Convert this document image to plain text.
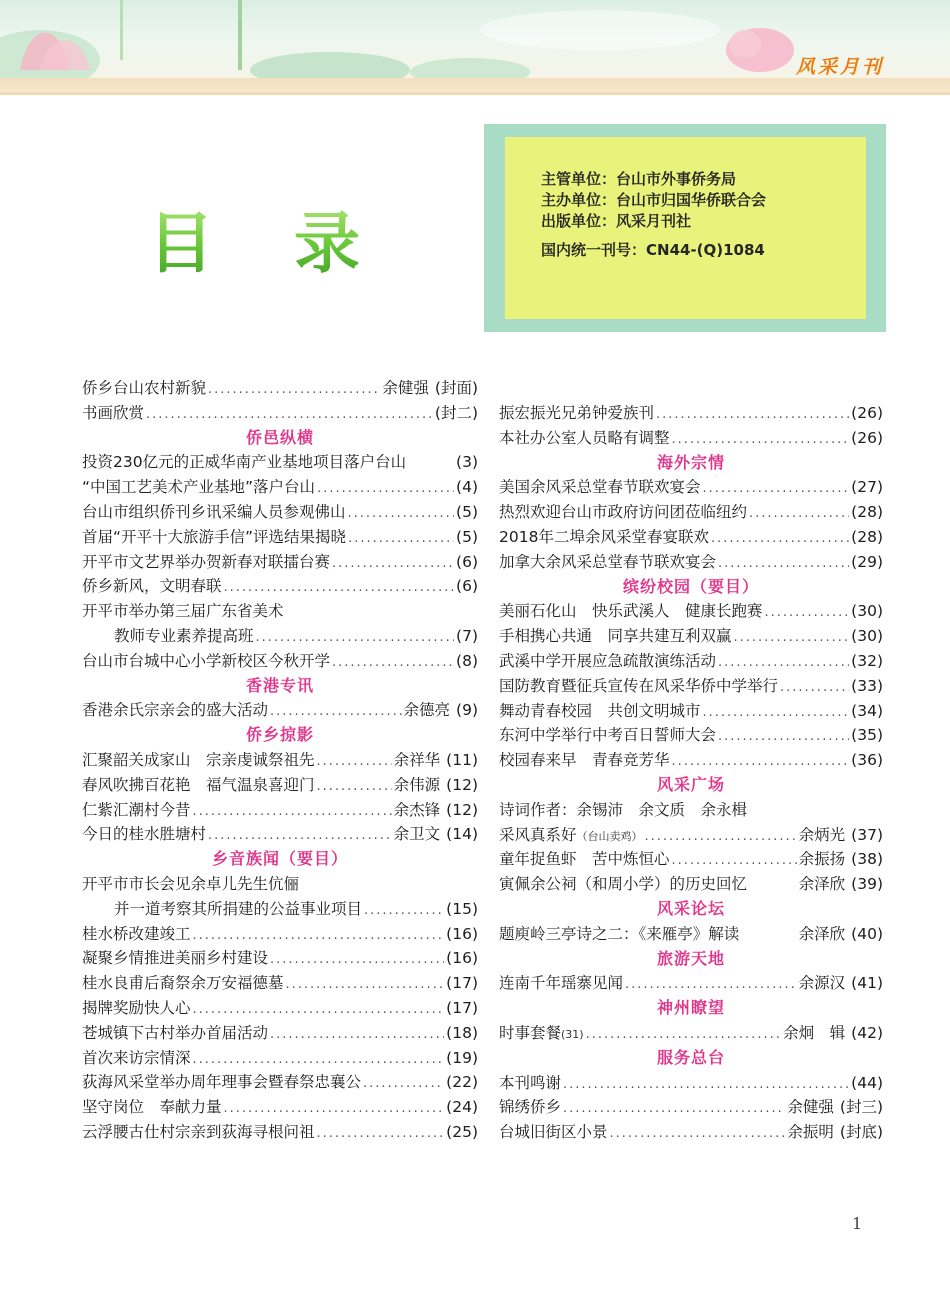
风采月刊
目录
主管单位：台山市外事侨务局
主办单位：台山市归国华侨联合会
出版单位：风采月刊社
国内统一刊号：CN44-(Q)1084
侨乡台山农村新貌 .....	余健强 (封面)
书画欣赏 .....	(封二)
侨邑纵横
投资230亿元的正威华南产业基地项目落户台山	(3)
“中国工艺美术产业基地”落户台山 .....	(4)
台山市组织侨刊乡讯采编人员参观佛山 .....	(5)
首届“开平十大旅游手信”评选结果揭晓 .....	(5)
开平市文艺界举办贺新春对联擂台赛 .....	(6)
侨乡新风，文明春联 .....	(6)
开平市举办第三届广东省美术
教师专业素养提高班 .....	(7)
台山市台城中心小学新校区今秋开学 .....	(8)
香港专讯
香港余氏宗亲会的盛大活动 .....	余德亮 (9)
侨乡掠影
汇聚韶关成家山　宗亲虔诚祭祖先 .....	余祥华 (11)
春风吹拂百花艳　福气温泉喜迎门 .....	余伟源 (12)
仁紫汇潮村今昔 .....	余杰锋 (12)
今日的桂水胜塘村 .....	余卫文 (14)
乡音族闻（要目）
开平市市长会见余卓儿先生伉俪
并一道考察其所捐建的公益事业项目 .....	(15)
桂水桥改建竣工 .....	(16)
凝聚乡情推进美丽乡村建设 .....	(16)
桂水良甫后裔祭余万安福德墓 .....	(17)
揭牌奖励快人心 .....	(17)
苍城镇下古村举办首届活动 .....	(18)
首次来访宗情深 .....	(19)
荻海风采堂举办周年理事会暨春祭忠襄公 .....	(22)
坚守岗位　奉献力量 .....	(24)
云浮腰古仕村宗亲到荻海寻根问祖 .....	(25)
振宏振光兄弟钟爱族刊 .....	(26)
本社办公室人员略有调整 .....	(26)
海外宗情
美国余风采总堂春节联欢宴会 .....	(27)
热烈欢迎台山市政府访问团莅临纽约 .....	(28)
2018年二埠余风采堂春宴联欢 .....	(28)
加拿大余风采总堂春节联欢宴会 .....	(29)
缤纷校园（要目）
美丽石化山　快乐武溪人　健康长跑赛 .....	(30)
手相携心共通　同享共建互利双赢 .....	(30)
武溪中学开展应急疏散演练活动 .....	(32)
国防教育暨征兵宣传在风采华侨中学举行 .....	(33)
舞动青春校园　共创文明城市 .....	(34)
东河中学举行中考百日誓师大会 .....	(35)
校园春来早　青春竞芳华 .....	(36)
风采广场
诗词作者：余锡沛　余文质　余永楫
采风真系好 （台山卖鸡） .....	余炳光 (37)
童年捉鱼虾　苦中炼恒心 .....	余振扬 (38)
寅佩余公祠（和周小学）的历史回忆	余泽欣 (39)
风采论坛
题庾岭三亭诗之二：《来雁亭》解读	余泽欣 (40)
旅游天地
连南千年瑶寨见闻 .....	余源汉 (41)
神州瞭望
时事套餐 (31) .....	余炯　辑 (42)
服务总台
本刊鸣谢 .....	(44)
锦绣侨乡 .....	余健强 (封三)
台城旧街区小景 .....	余振明 (封底)
1
